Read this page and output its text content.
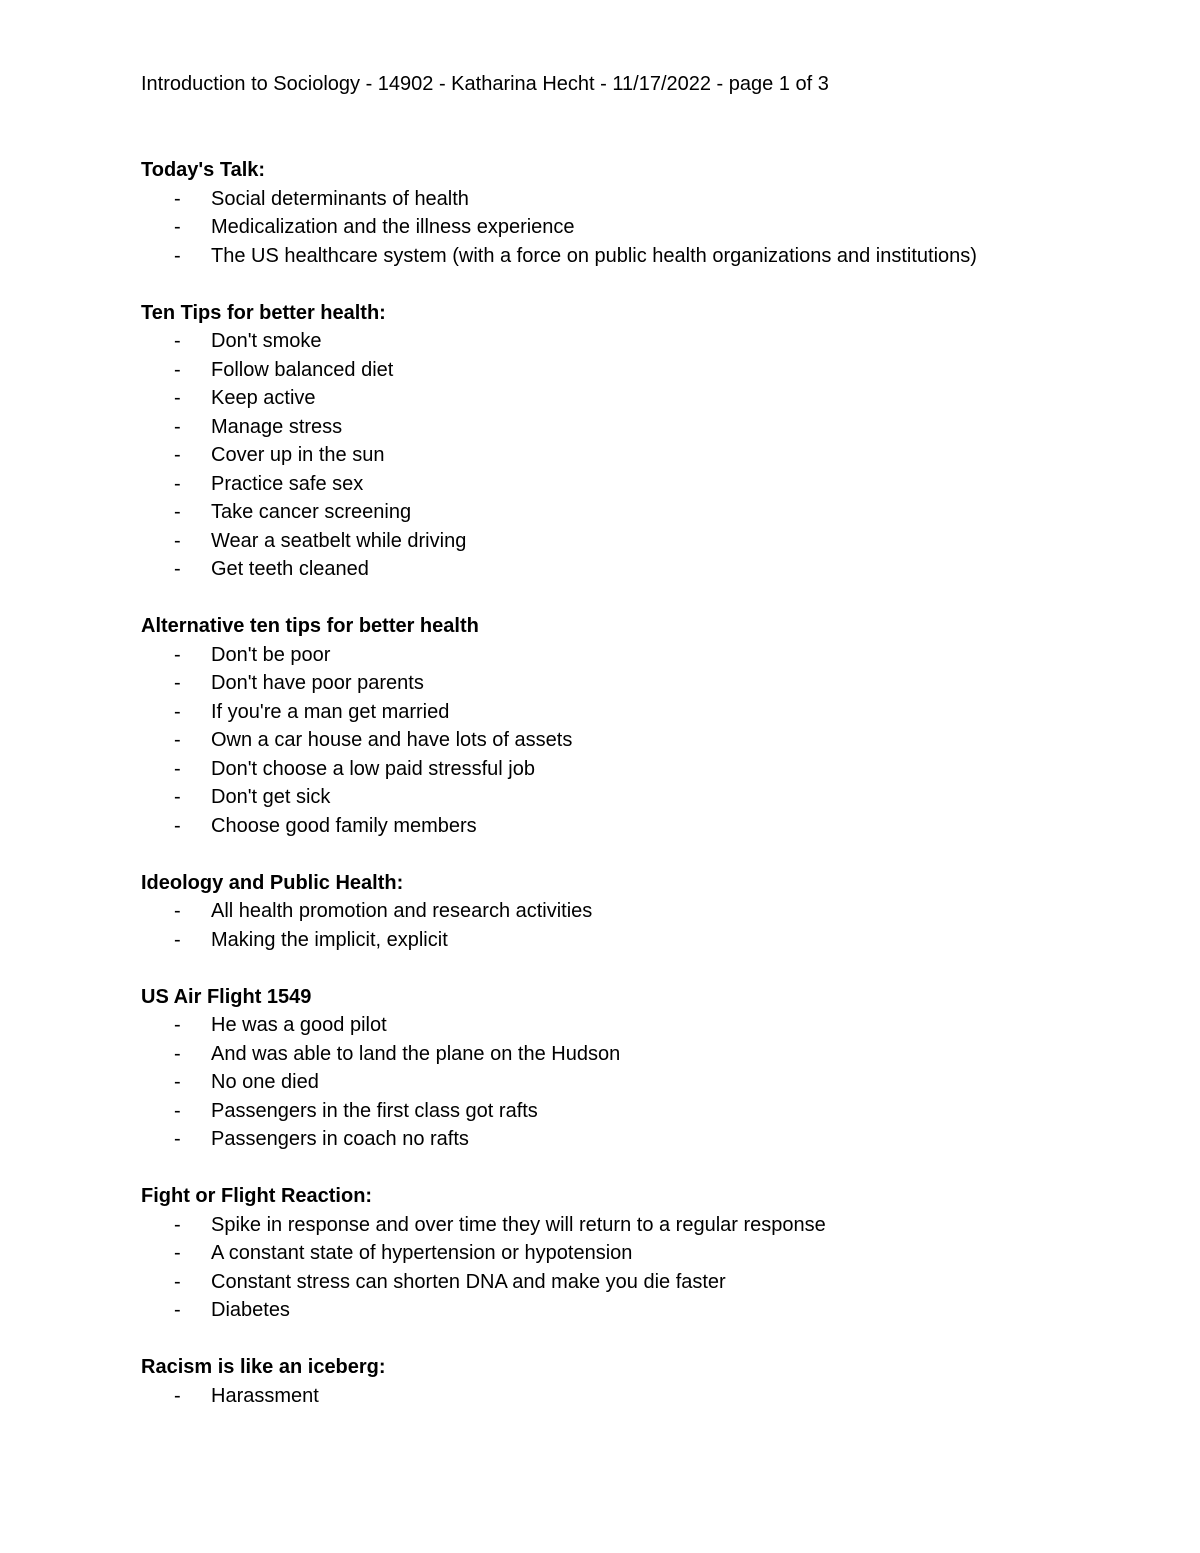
Introduction to Sociology - 14902 - Katharina Hecht - 11/17/2022 - page 1 of 3
Today's Talk:
- Social determinants of health
- Medicalization and the illness experience
- The US healthcare system (with a force on public health organizations and institutions)
Ten Tips for better health:
- Don't smoke
- Follow balanced diet
- Keep active
- Manage stress
- Cover up in the sun
- Practice safe sex
- Take cancer screening
- Wear a seatbelt while driving
- Get teeth cleaned
Alternative ten tips for better health
- Don't be poor
- Don't have poor parents
- If you're a man get married
- Own a car house and have lots of assets
- Don't choose a low paid stressful job
- Don't get sick
- Choose good family members
Ideology and Public Health:
- All health promotion and research activities
- Making the implicit, explicit
US Air Flight 1549
- He was a good pilot
- And was able to land the plane on the Hudson
- No one died
- Passengers in the first class got rafts
- Passengers in coach no rafts
Fight or Flight Reaction:
- Spike in response and over time they will return to a regular response
- A constant state of hypertension or hypotension
- Constant stress can shorten DNA and make you die faster
- Diabetes
Racism is like an iceberg:
- Harassment
